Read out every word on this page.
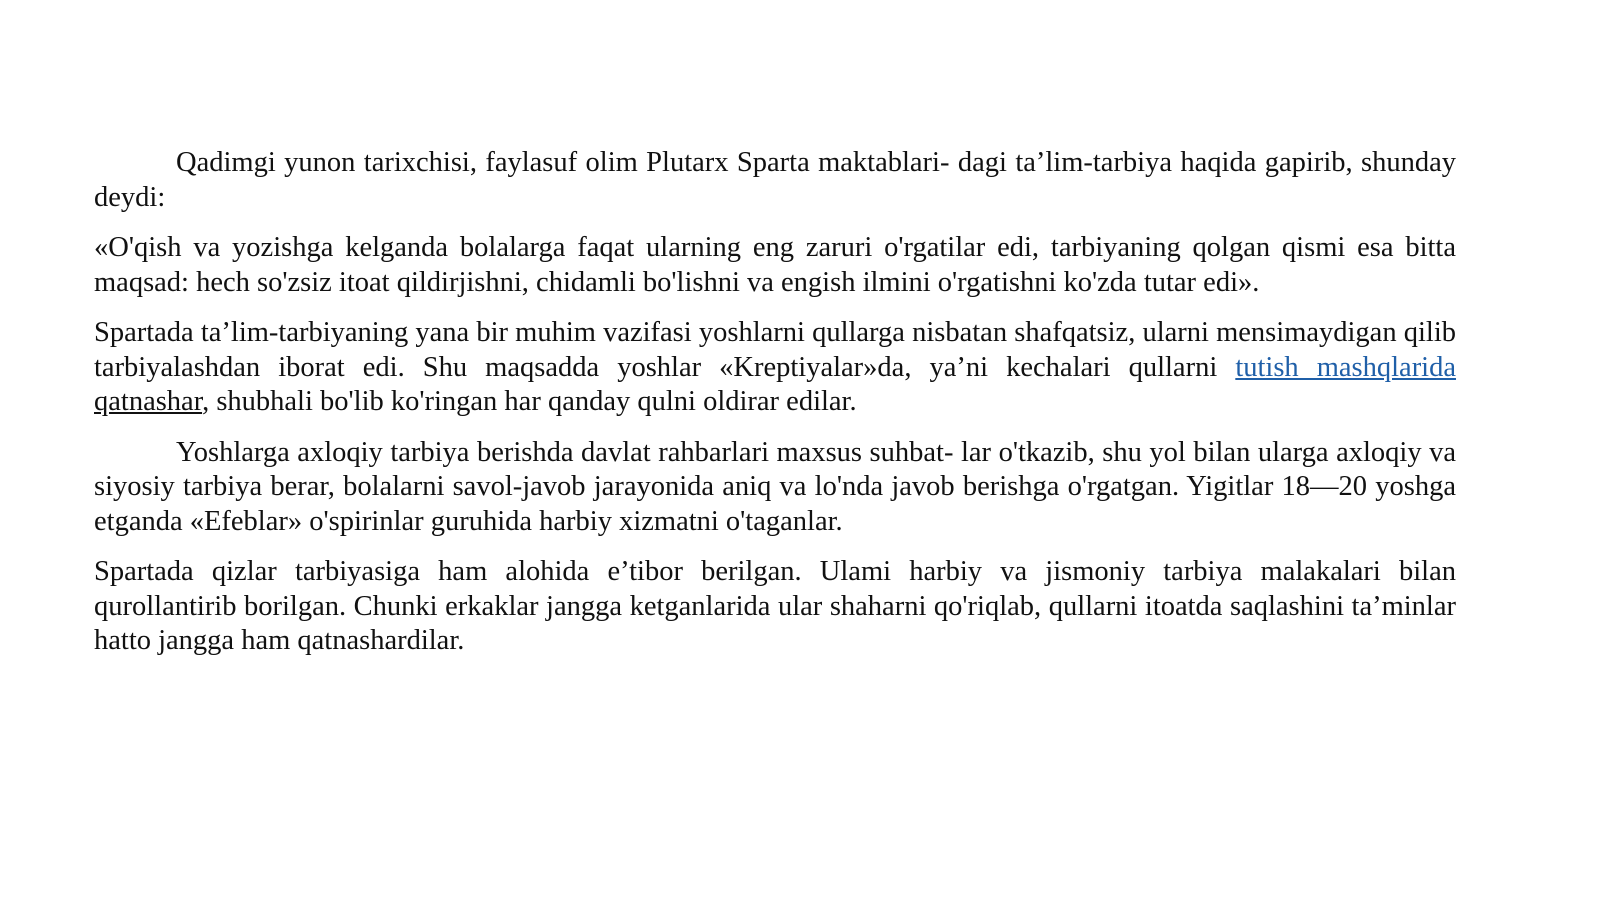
Qadimgi yunon tarixchisi, faylasuf olim Plutarx Sparta maktablari- dagi ta’lim-tarbiya haqida gapirib, shunday deydi:

«O'qish va yozishga kelganda bolalarga faqat ularning eng zaruri o'rgatilar edi, tarbiyaning qolgan qismi esa bitta maqsad: hech so'zsiz itoat qildirjishni, chidamli bo'lishni va engish ilmini o'rgatishni ko'zda tutar edi».

Spartada ta’lim-tarbiyaning yana bir muhim vazifasi yoshlarni qullarga nisbatan shafqatsiz, ularni mensimaydigan qilib tarbiyalashdan iborat edi. Shu maqsadda yoshlar «Kreptiyalar»da, ya’ni kechalari qullarni tutish mashqlarida qatnashar, shubhali bo'lib ko'ringan har qanday qulni oldirar edilar.

Yoshlarga axloqiy tarbiya berishda davlat rahbarlari maxsus suhbat- lar o'tkazib, shu yol bilan ularga axloqiy va siyosiy tarbiya berar, bolalarni savol-javob jarayonida aniq va lo'nda javob berishga o'rgatgan. Yigitlar 18—20 yoshga etganda «Efeblar» o'spirinlar guruhida harbiy xizmatni o'taganlar.

Spartada qizlar tarbiyasiga ham alohida e’tibor berilgan. Ulami harbiy va jismoniy tarbiya malakalari bilan qurollantirib borilgan. Chunki erkaklar jangga ketganlarida ular shaharni qo'riqlab, qullarni itoatda saqlashini ta’minlar hatto jangga ham qatnashardilar.
